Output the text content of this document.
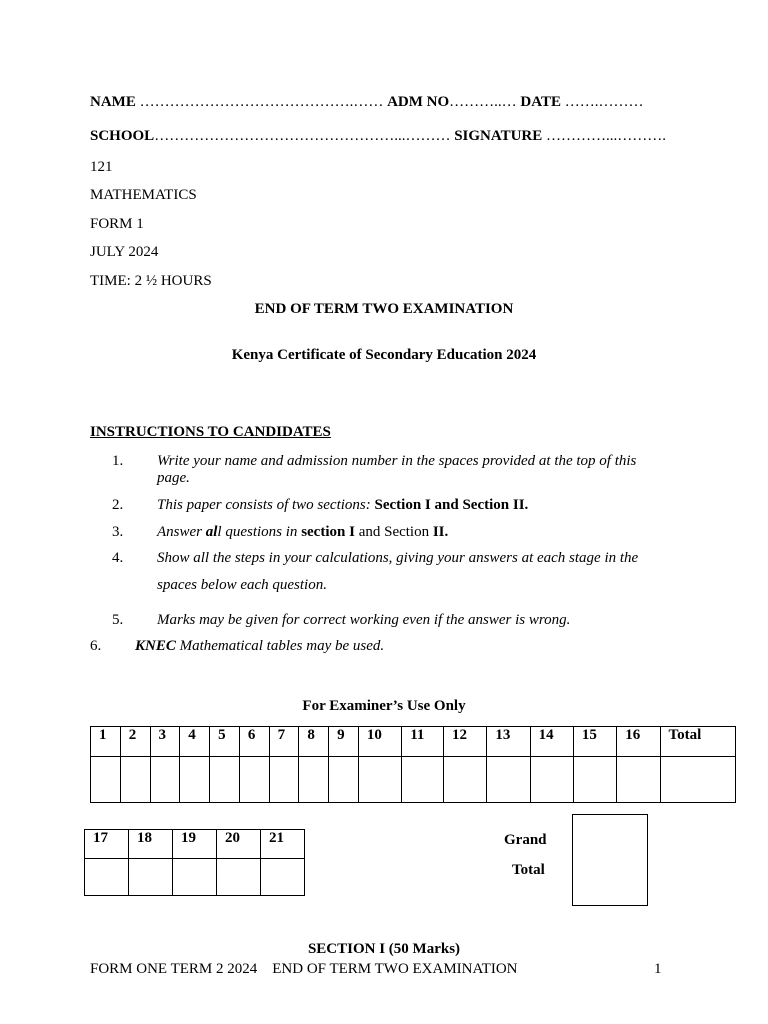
NAME …………………………………….…… ADM NO………..… DATE …….………
SCHOOL…………………………………………...……… SIGNATURE …………...……….
121
MATHEMATICS
FORM 1
JULY 2024
TIME: 2 ½ HOURS
END OF TERM TWO EXAMINATION
Kenya Certificate of Secondary Education 2024
INSTRUCTIONS TO CANDIDATES
1. Write your name and admission number in the spaces provided at the top of this
page.
2. This paper consists of two sections: Section I and Section II.
3. Answer all questions in section I and Section II.
4. Show all the steps in your calculations, giving your answers at each stage in the
spaces below each question.
5. Marks may be given for correct working even if the answer is wrong.
6. KNEC Mathematical tables may be used.
For Examiner’s Use Only
1	2	3	4	5	6	7	8	9	10	11	12	13	14	15	16	Total

17	18	19	20	21
					Grand
Total
SECTION I (50 Marks)
FORM ONE TERM 2 2024    END OF TERM TWO EXAMINATION	1
